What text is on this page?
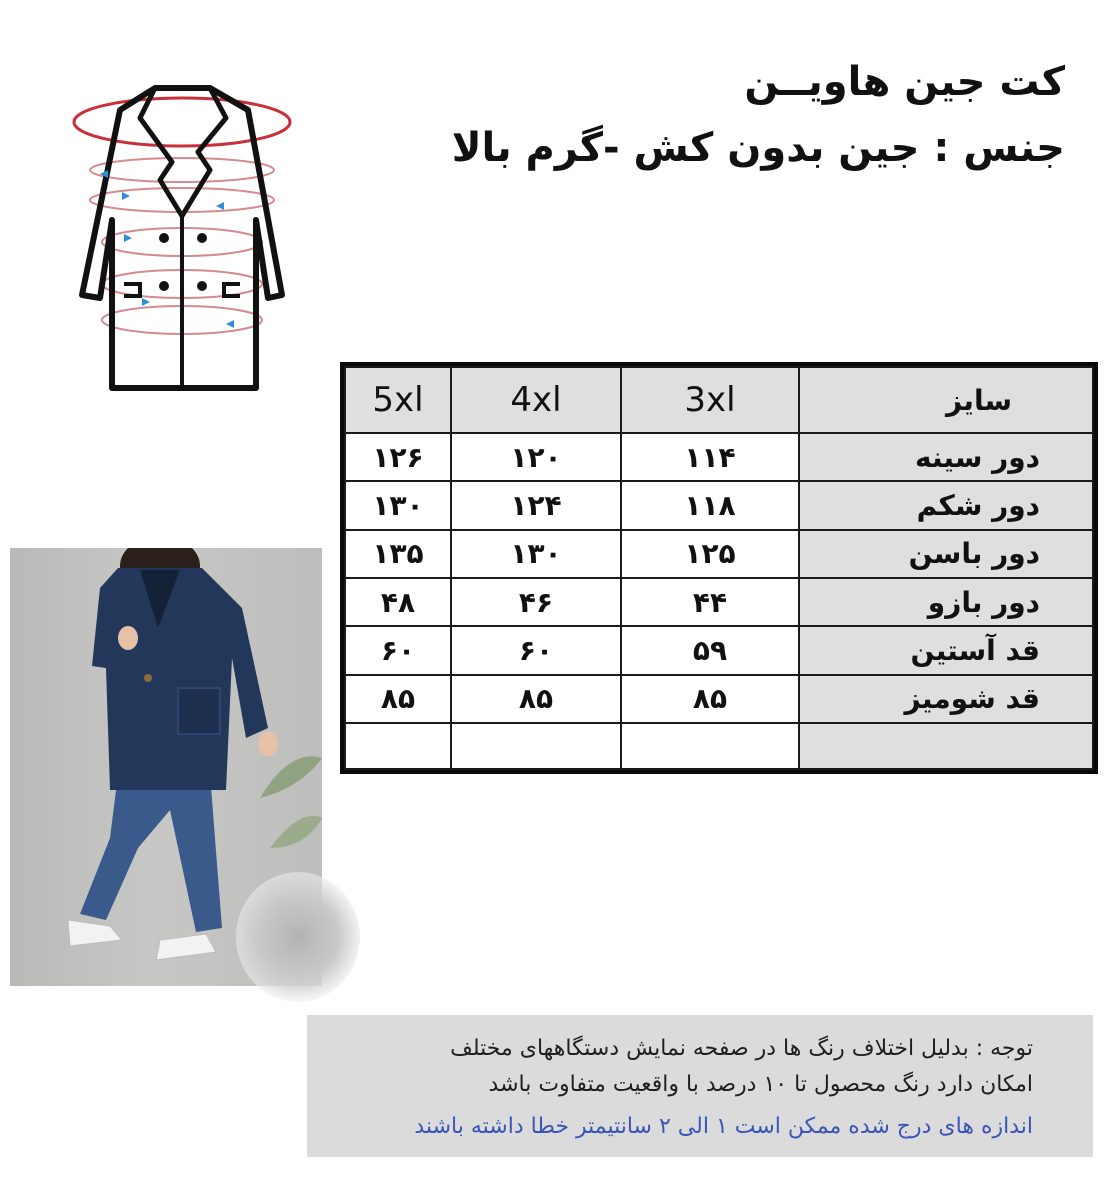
کت جین هاویــن
جنس : جین بدون کش -گرم بالا
سایز	3xl	4xl	5xl
دور سینه	۱۱۴	۱۲۰	۱۲۶
دور شکم	۱۱۸	۱۲۴	۱۳۰
دور باسن	۱۲۵	۱۳۰	۱۳۵
دور بازو	۴۴	۴۶	۴۸
قد آستین	۵۹	۶۰	۶۰
قد شومیز	۸۵	۸۵	۸۵

توجه : بدلیل اختلاف رنگ ها در صفحه نمایش دستگاههای مختلف
امکان دارد رنگ محصول تا ۱۰ درصد با واقعیت متفاوت باشد
اندازه های درج شده ممکن است ۱ الی ۲ سانتیمتر خطا داشته باشند
